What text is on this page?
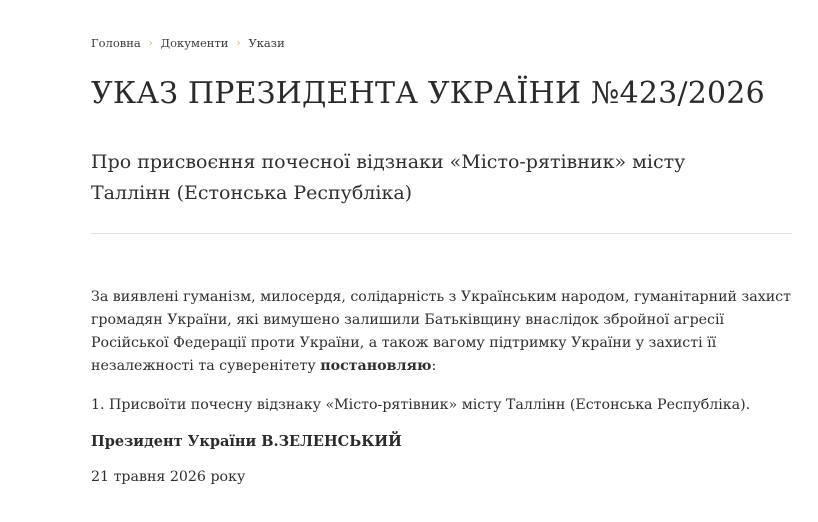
Головна › Документи › Укази
УКАЗ ПРЕЗИДЕНТА УКРАЇНИ №423/2026
Про присвоєння почесної відзнаки «Місто-рятівник» місту Таллінн (Естонська Республіка)

За виявлені гуманізм, милосердя, солідарність з Українським народом, гуманітарний захист громадян України, які вимушено залишили Батьківщину внаслідок збройної агресії Російської Федерації проти України, а також вагому підтримку України у захисті її незалежності та суверенітету постановляю:

1. Присвоїти почесну відзнаку «Місто-рятівник» місту Таллінн (Естонська Республіка).

Президент України В.ЗЕЛЕНСЬКИЙ

21 травня 2026 року
